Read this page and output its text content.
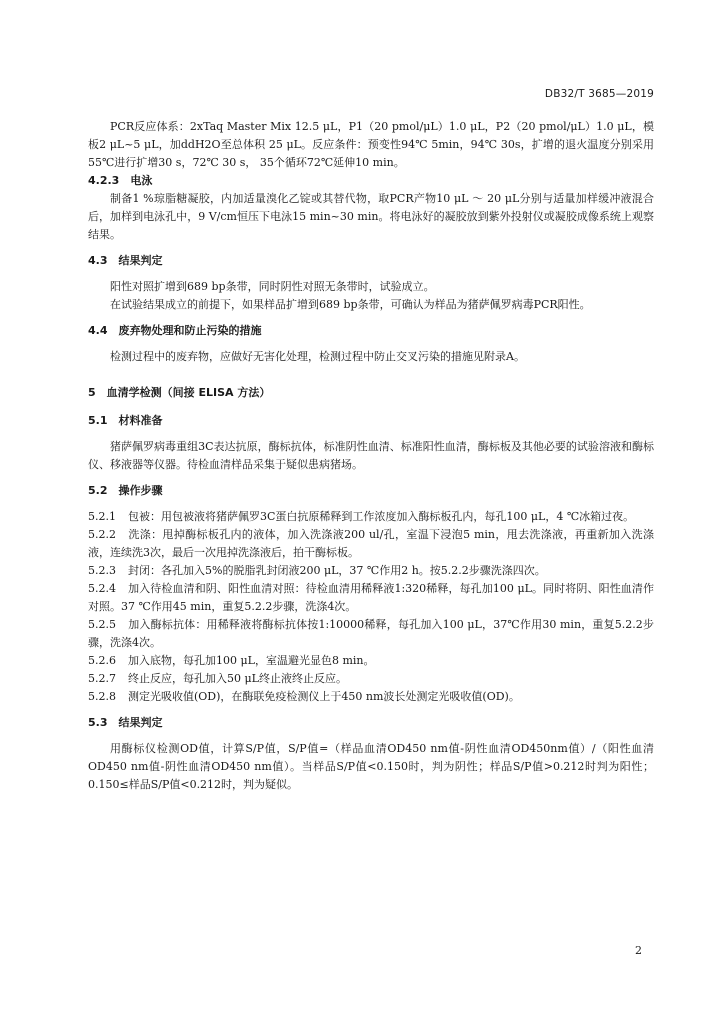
DB32/T 3685—2019

PCR反应体系：2xTaq Master Mix 12.5 μL，P1（20 pmol/μL）1.0 μL，P2（20 pmol/μL）1.0 μL，模板2 μL~5 μL，加ddH2O至总体积 25 μL。反应条件：预变性94℃ 5min，94℃ 30s，扩增的退火温度分别采用55℃进行扩增30 s，72℃ 30 s， 35个循环72℃延伸10 min。

4.2.3　电泳

制备1 %琼脂糖凝胶，内加适量溴化乙锭或其替代物，取PCR产物10 μL ～ 20 μL分别与适量加样缓冲液混合后，加样到电泳孔中，9 V/cm恒压下电泳15 min~30 min。将电泳好的凝胶放到紫外投射仪或凝胶成像系统上观察结果。

4.3　结果判定

阳性对照扩增到689 bp条带，同时阴性对照无条带时，试验成立。

在试验结果成立的前提下，如果样品扩增到689 bp条带，可确认为样品为猪萨佩罗病毒PCR阳性。

4.4　废弃物处理和防止污染的措施

检测过程中的废弃物，应做好无害化处理，检测过程中防止交叉污染的措施见附录A。

5　血清学检测（间接 ELISA 方法）

5.1　材料准备

猪萨佩罗病毒重组3C表达抗原，酶标抗体，标准阴性血清、标准阳性血清，酶标板及其他必要的试验溶液和酶标仪、移液器等仪器。待检血清样品采集于疑似患病猪场。

5.2　操作步骤

5.2.1 包被：用包被液将猪萨佩罗3C蛋白抗原稀释到工作浓度加入酶标板孔内，每孔100 μL，4 ℃冰箱过夜。
5.2.2 洗涤：甩掉酶标板孔内的液体，加入洗涤液200 ul/孔，室温下浸泡5 min，甩去洗涤液，再重新加入洗涤液，连续洗3次，最后一次甩掉洗涤液后，拍干酶标板。
5.2.3 封闭：各孔加入5%的脱脂乳封闭液200 μL，37 ℃作用2 h。按5.2.2步骤洗涤四次。
5.2.4 加入待检血清和阴、阳性血清对照：待检血清用稀释液1:320稀释，每孔加100 μL。同时将阴、阳性血清作对照。37 ℃作用45 min，重复5.2.2步骤，洗涤4次。
5.2.5 加入酶标抗体：用稀释液将酶标抗体按1:10000稀释，每孔加入100 μL，37℃作用30 min，重复5.2.2步骤，洗涤4次。
5.2.6 加入底物，每孔加100 μL，室温避光显色8 min。
5.2.7 终止反应，每孔加入50 μL终止液终止反应。
5.2.8 测定光吸收值(OD)，在酶联免疫检测仪上于450 nm波长处测定光吸收值(OD)。

5.3　结果判定

用酶标仪检测OD值，计算S/P值，S/P值=（样品血清OD450 nm值-阴性血清OD450nm值）/（阳性血清OD450 nm值-阴性血清OD450 nm值）。当样品S/P值<0.150时，判为阴性；样品S/P值>0.212时判为阳性；0.150≤样品S/P值<0.212时，判为疑似。

2
